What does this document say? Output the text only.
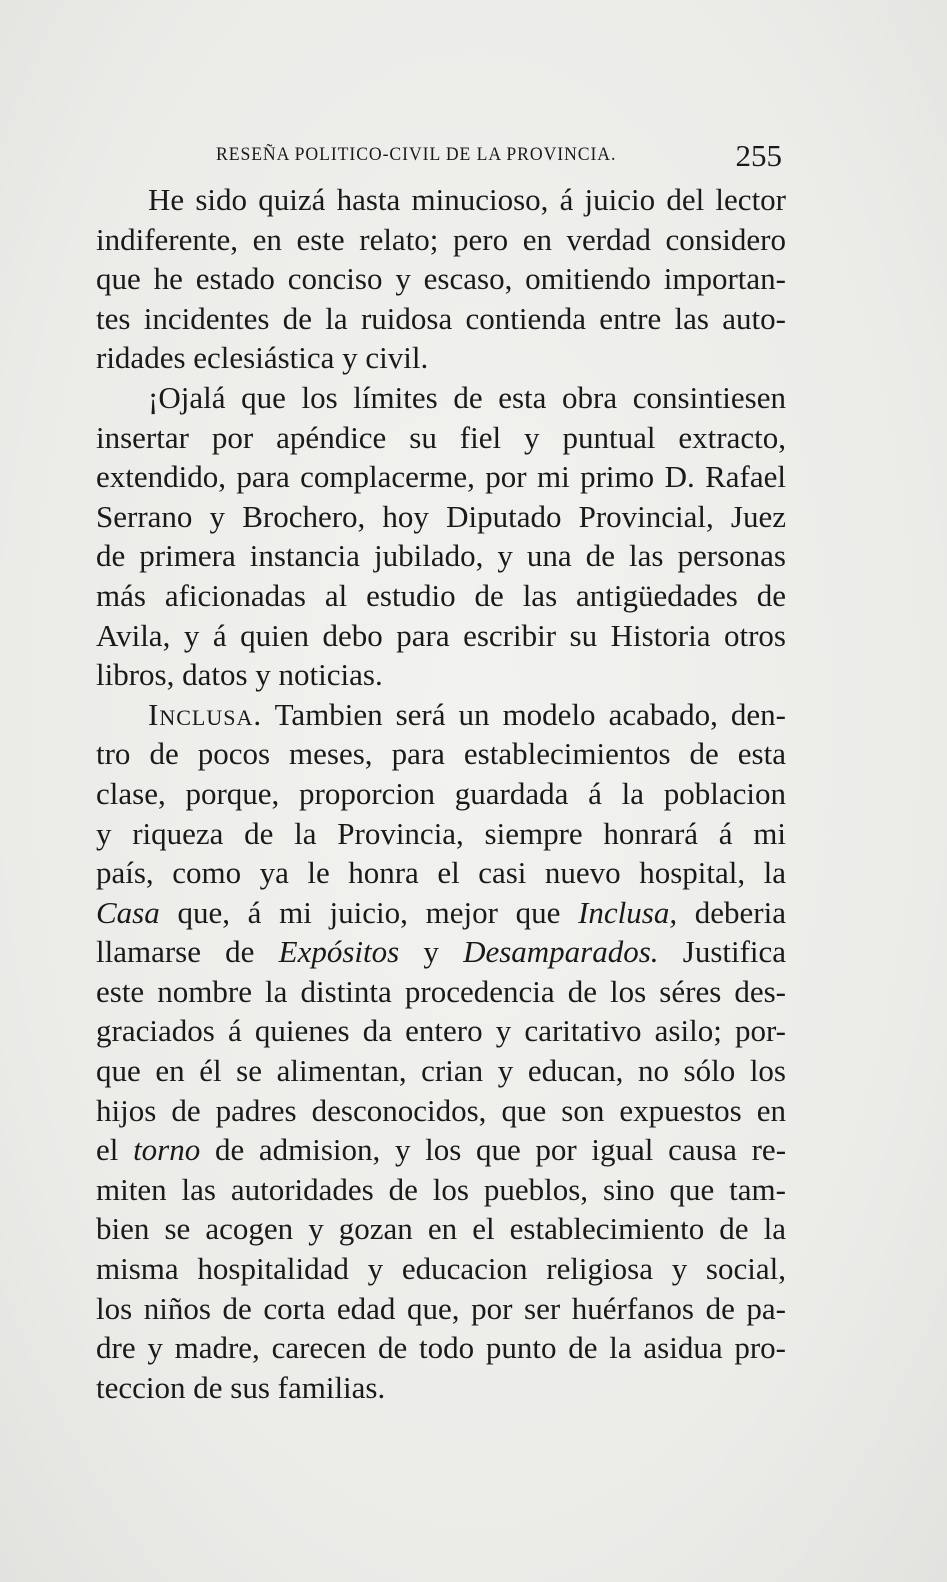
RESEÑA POLITICO-CIVIL DE LA PROVINCIA.	255
He sido quizá hasta minucioso, á juicio del lector
indiferente, en este relato; pero en verdad considero
que he estado conciso y escaso, omitiendo importan-
tes incidentes de la ruidosa contienda entre las auto-
ridades eclesiástica y civil.
¡Ojalá que los límites de esta obra consintiesen
insertar por apéndice su fiel y puntual extracto,
extendido, para complacerme, por mi primo D. Rafael
Serrano y Brochero, hoy Diputado Provincial, Juez
de primera instancia jubilado, y una de las personas
más aficionadas al estudio de las antigüedades de
Avila, y á quien debo para escribir su Historia otros
libros, datos y noticias.
Inclusa. Tambien será un modelo acabado, den-
tro de pocos meses, para establecimientos de esta
clase, porque, proporcion guardada á la poblacion
y riqueza de la Provincia, siempre honrará á mi
país, como ya le honra el casi nuevo hospital, la
Casa que, á mi juicio, mejor que Inclusa, deberia
llamarse de Expósitos y Desamparados. Justifica
este nombre la distinta procedencia de los séres des-
graciados á quienes da entero y caritativo asilo; por-
que en él se alimentan, crian y educan, no sólo los
hijos de padres desconocidos, que son expuestos en
el torno de admision, y los que por igual causa re-
miten las autoridades de los pueblos, sino que tam-
bien se acogen y gozan en el establecimiento de la
misma hospitalidad y educacion religiosa y social,
los niños de corta edad que, por ser huérfanos de pa-
dre y madre, carecen de todo punto de la asidua pro-
teccion de sus familias.
